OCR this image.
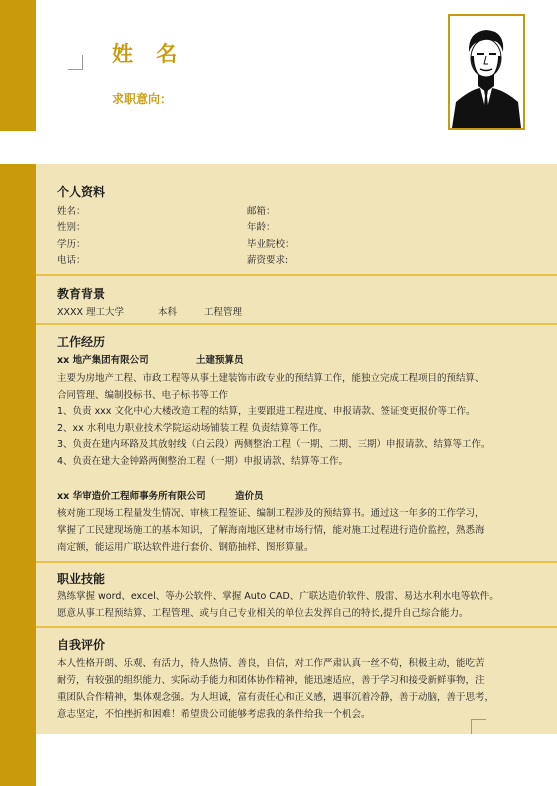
姓 名
求职意向：
个人资料
姓名：	邮箱：
性别：	年龄：
学历：	毕业院校：
电话：	薪资要求:
教育背景
XXXX 理工大学	本科	工程管理
工作经历
xx 地产集团有限公司	土建预算员
主要为房地产工程、市政工程等从事土建装饰市政专业的预结算工作，能独立完成工程项目的预结算、
合同管理、编制投标书、电子标书等工作
1、负责 xxx 文化中心大楼改造工程的结算，主要跟进工程进度、申报请款、签证变更报价等工作。
2、xx 水利电力职业技术学院运动场铺装工程 负责结算等工作。
3、负责在建内环路及其放射线（白云段）两侧整治工程（一期、二期、三期）申报请款、结算等工作。
4、负责在建大金钟路两侧整治工程（一期）申报请款、结算等工作。
xx 华审造价工程师事务所有限公司	造价员
核对施工现场工程量发生情况、审核工程签证、编制工程涉及的预结算书。通过这一年多的工作学习，
掌握了工民建现场施工的基本知识，了解海南地区建材市场行情，能对施工过程进行造价监控，熟悉海
南定额，能运用广联达软件进行套价、钢筋抽样、图形算量。
职业技能
熟练掌握 word、excel、等办公软件、掌握 Auto CAD、广联达造价软件、殷雷、易达水利水电等软件。
愿意从事工程预结算、工程管理、或与自己专业相关的单位去发挥自己的特长,提升自己综合能力。
自我评价
本人性格开朗、乐观、有活力，待人热情、善良，自信，对工作严肃认真一丝不苟，积极主动，能吃苦
耐劳，有较强的组织能力、实际动手能力和团体协作精神，能迅速适应，善于学习和接受新鲜事物，注
重团队合作精神，集体观念强。为人坦诚，富有责任心和正义感，遇事沉着冷静，善于动脑，善于思考，
意志坚定，不怕挫折和困难！希望贵公司能够考虑我的条件给我一个机会。
